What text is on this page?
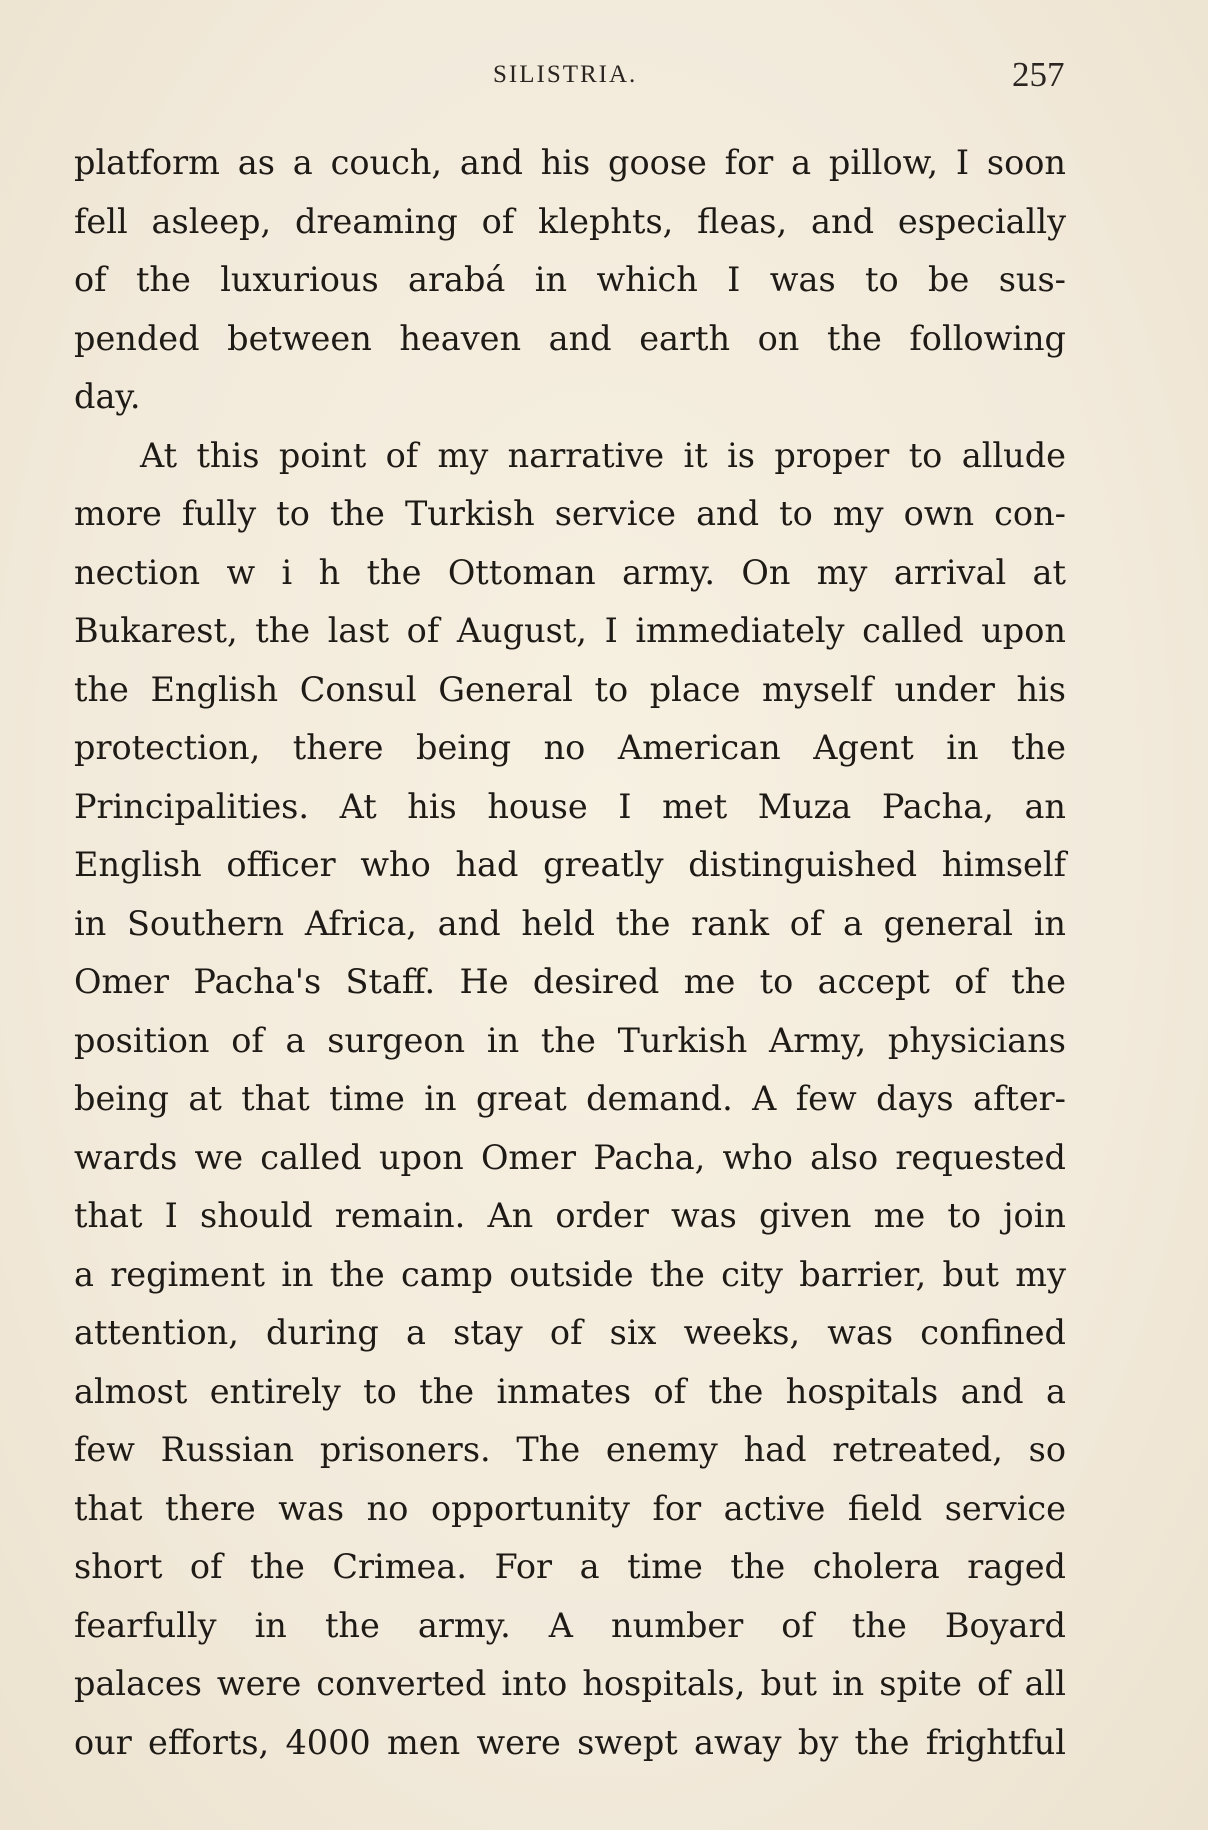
SILISTRIA.	257
platform as a couch, and his goose for a pillow, I soon
fell asleep, dreaming of klephts, fleas, and especially
of the luxurious arabá in which I was to be sus-
pended between heaven and earth on the following
day.
At this point of my narrative it is proper to allude
more fully to the Turkish service and to my own con-
nection w i h the Ottoman army. On my arrival at
Bukarest, the last of August, I immediately called upon
the English Consul General to place myself under his
protection, there being no American Agent in the
Principalities. At his house I met Muza Pacha, an
English officer who had greatly distinguished himself
in Southern Africa, and held the rank of a general in
Omer Pacha's Staff. He desired me to accept of the
position of a surgeon in the Turkish Army, physicians
being at that time in great demand. A few days after-
wards we called upon Omer Pacha, who also requested
that I should remain. An order was given me to join
a regiment in the camp outside the city barrier, but my
attention, during a stay of six weeks, was confined
almost entirely to the inmates of the hospitals and a
few Russian prisoners. The enemy had retreated, so
that there was no opportunity for active field service
short of the Crimea. For a time the cholera raged
fearfully in the army. A number of the Boyard
palaces were converted into hospitals, but in spite of all
our efforts, 4000 men were swept away by the frightful
